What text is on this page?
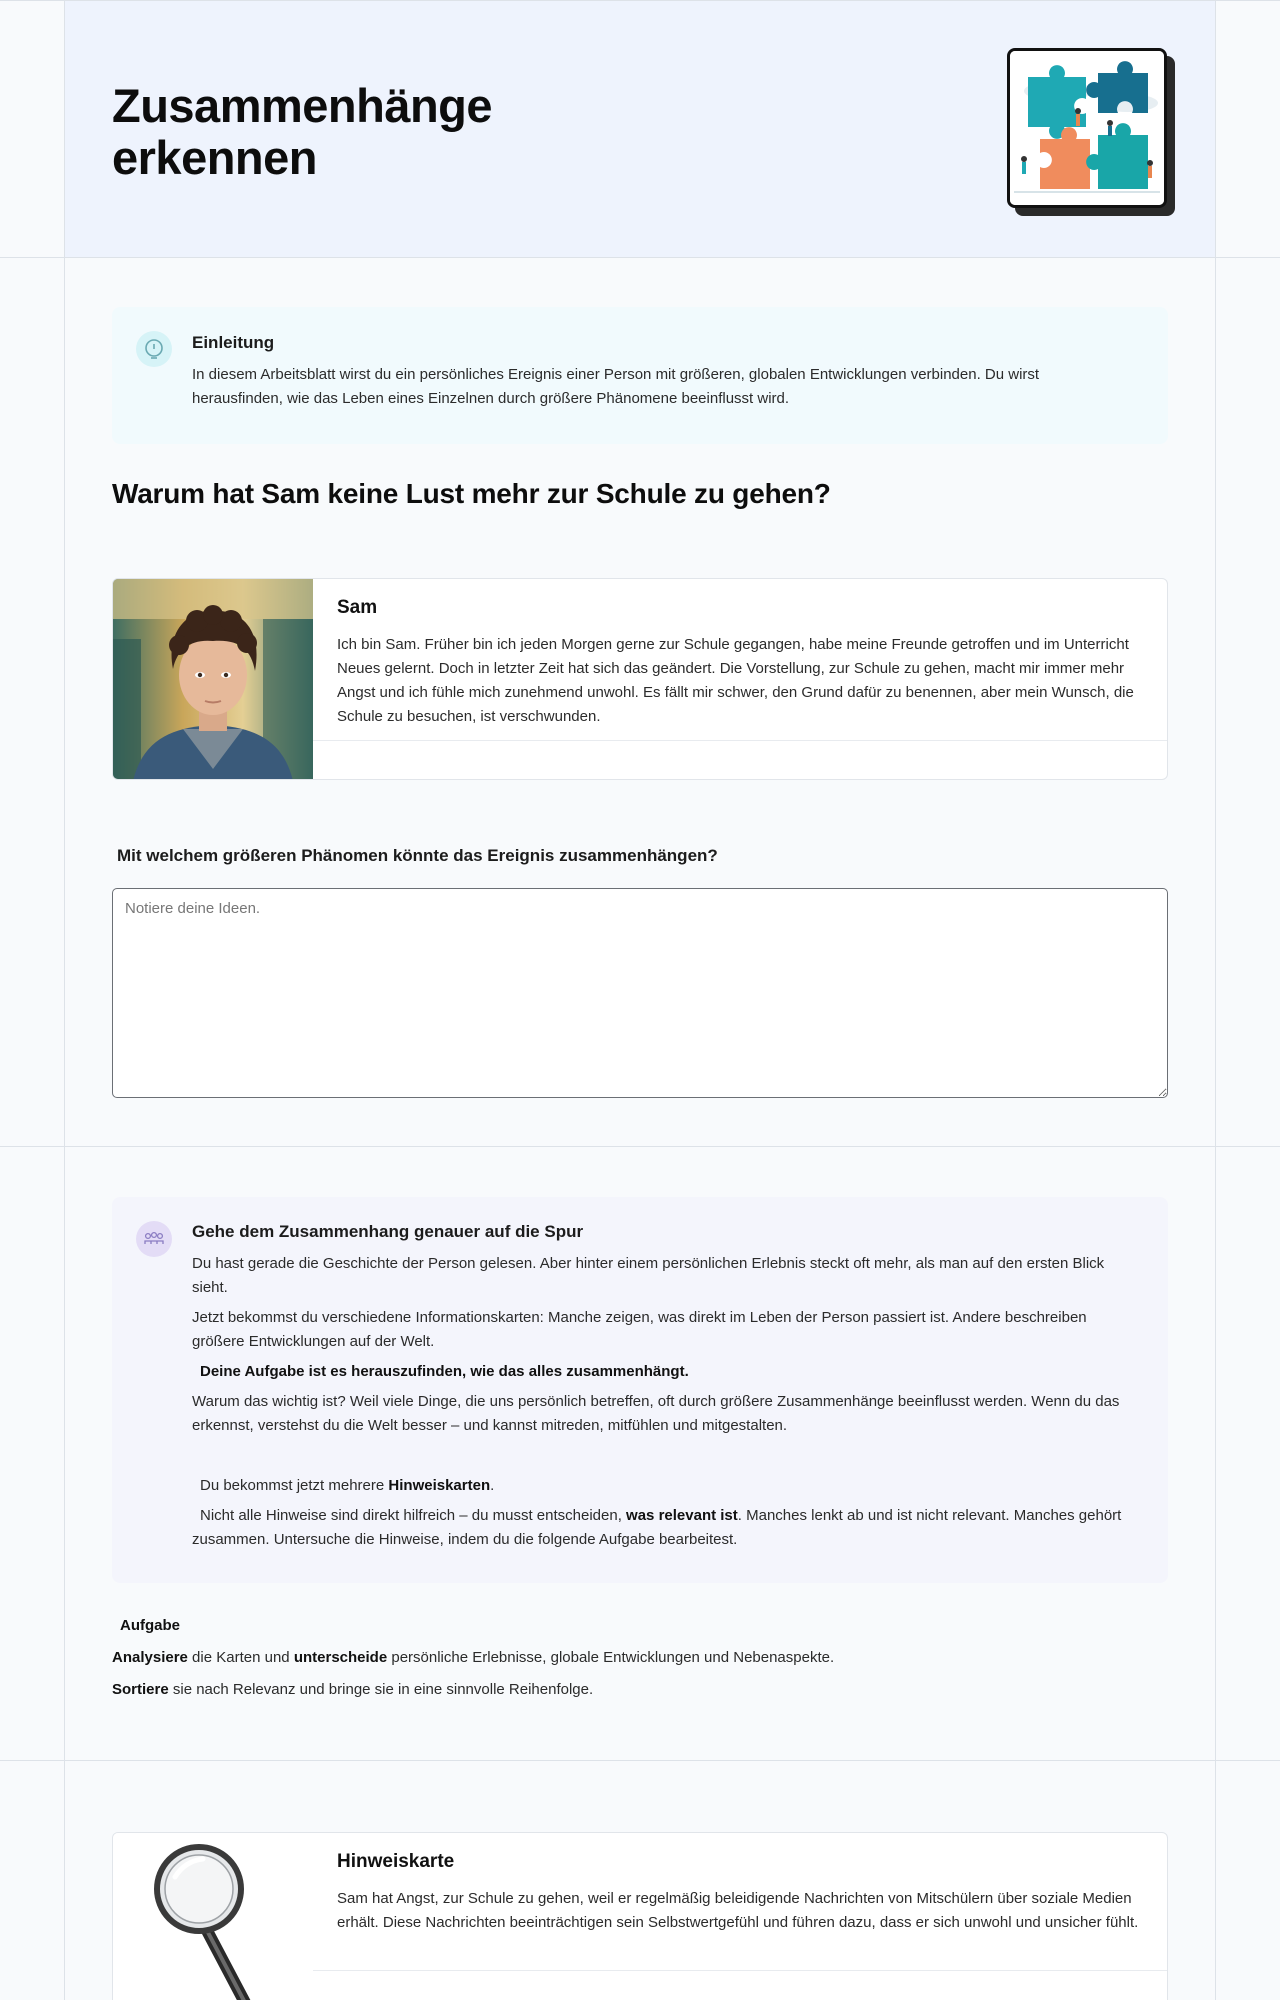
Zusammenhänge
erkennen
Einleitung
In diesem Arbeitsblatt wirst du ein persönliches Ereignis einer Person mit größeren, globalen Entwicklungen verbinden. Du wirst herausfinden, wie das Leben eines Einzelnen durch größere Phänomene beeinflusst wird.
Warum hat Sam keine Lust mehr zur Schule zu gehen?
Sam
Ich bin Sam. Früher bin ich jeden Morgen gerne zur Schule gegangen, habe meine Freunde getroffen und im Unterricht Neues gelernt. Doch in letzter Zeit hat sich das geändert. Die Vorstellung, zur Schule zu gehen, macht mir immer mehr Angst und ich fühle mich zunehmend unwohl. Es fällt mir schwer, den Grund dafür zu benennen, aber mein Wunsch, die Schule zu besuchen, ist verschwunden.
Mit welchem größeren Phänomen könnte das Ereignis zusammenhängen?
Notiere deine Ideen.
Gehe dem Zusammenhang genauer auf die Spur
Du hast gerade die Geschichte der Person gelesen. Aber hinter einem persönlichen Erlebnis steckt oft mehr, als man auf den ersten Blick sieht.
Jetzt bekommst du verschiedene Informationskarten: Manche zeigen, was direkt im Leben der Person passiert ist. Andere beschreiben größere Entwicklungen auf der Welt.
Deine Aufgabe ist es herauszufinden, wie das alles zusammenhängt.
Warum das wichtig ist? Weil viele Dinge, die uns persönlich betreffen, oft durch größere Zusammenhänge beeinflusst werden. Wenn du das erkennst, verstehst du die Welt besser – und kannst mitreden, mitfühlen und mitgestalten.
Du bekommst jetzt mehrere Hinweiskarten.
Nicht alle Hinweise sind direkt hilfreich – du musst entscheiden, was relevant ist. Manches lenkt ab und ist nicht relevant. Manches gehört zusammen. Untersuche die Hinweise, indem du die folgende Aufgabe bearbeitest.
Aufgabe
Analysiere die Karten und unterscheide persönliche Erlebnisse, globale Entwicklungen und Nebenaspekte.
Sortiere sie nach Relevanz und bringe sie in eine sinnvolle Reihenfolge.
Hinweiskarte
Sam hat Angst, zur Schule zu gehen, weil er regelmäßig beleidigende Nachrichten von Mitschülern über soziale Medien erhält. Diese Nachrichten beeinträchtigen sein Selbstwertgefühl und führen dazu, dass er sich unwohl und unsicher fühlt.
